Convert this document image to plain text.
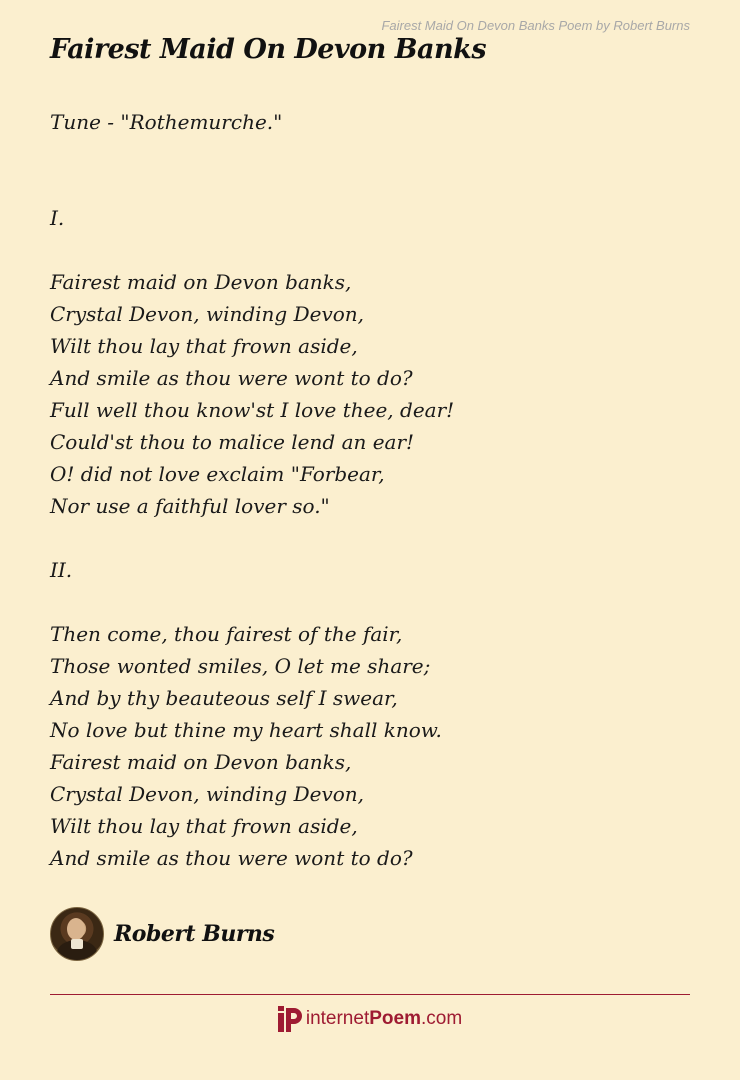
Fairest Maid On Devon Banks Poem by Robert Burns
Fairest Maid On Devon Banks
Tune - "Rothemurche."
I.
Fairest maid on Devon banks,
Crystal Devon, winding Devon,
Wilt thou lay that frown aside,
And smile as thou were wont to do?
Full well thou know'st I love thee, dear!
Could'st thou to malice lend an ear!
O! did not love exclaim "Forbear,
Nor use a faithful lover so."
II.
Then come, thou fairest of the fair,
Those wonted smiles, O let me share;
And by thy beauteous self I swear,
No love but thine my heart shall know.
Fairest maid on Devon banks,
Crystal Devon, winding Devon,
Wilt thou lay that frown aside,
And smile as thou were wont to do?
Robert Burns
internetPoem.com
